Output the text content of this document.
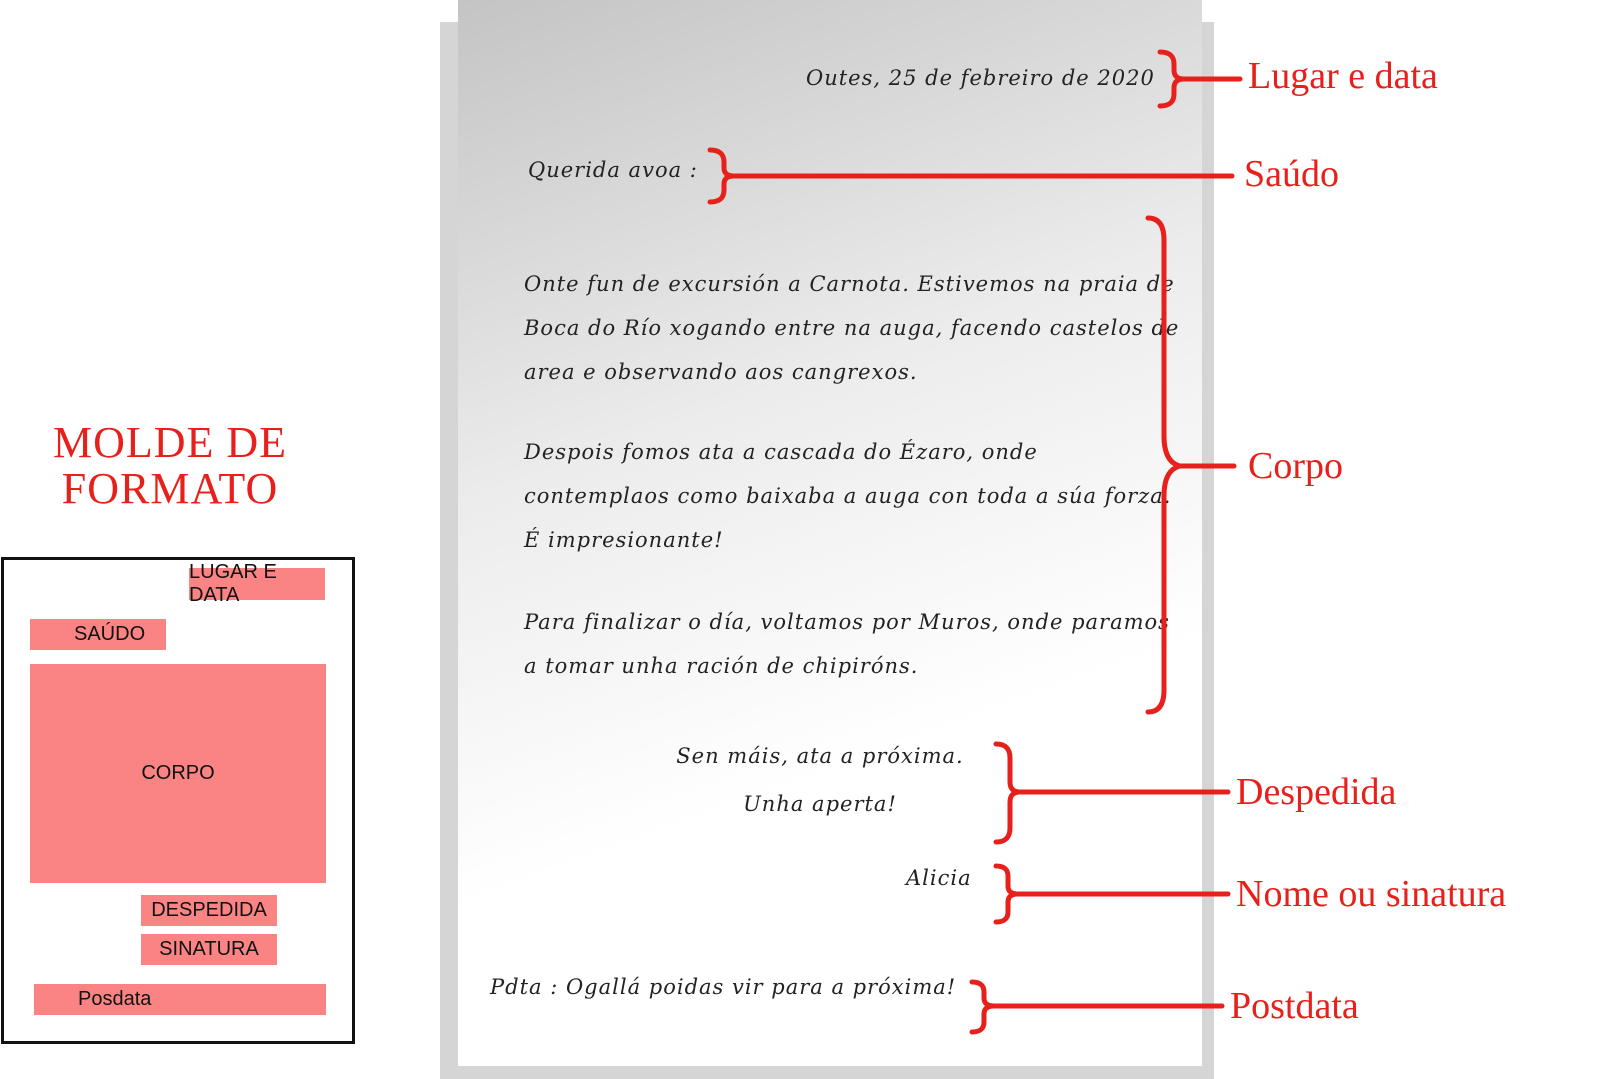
MOLDE DE
FORMATO
LUGAR E DATA
SAÚDO
CORPO
DESPEDIDA
SINATURA
Posdata
Outes, 25 de febreiro de 2020
Querida avoa :
Onte fun de excursión a Carnota. Estivemos na praia de
Boca do Río xogando entre na auga, facendo castelos de
area e observando aos cangrexos.
Despois fomos ata a cascada do Ézaro, onde
contemplaos como baixaba a auga con toda a súa forza.
É impresionante!
Para finalizar o día, voltamos por Muros, onde paramos
a tomar unha ración de chipiróns.
Sen máis, ata a próxima.
Unha aperta!
Alicia
Pdta : Ogallá poidas vir para a próxima!
Lugar e data
Saúdo
Corpo
Despedida
Nome ou sinatura
Postdata
